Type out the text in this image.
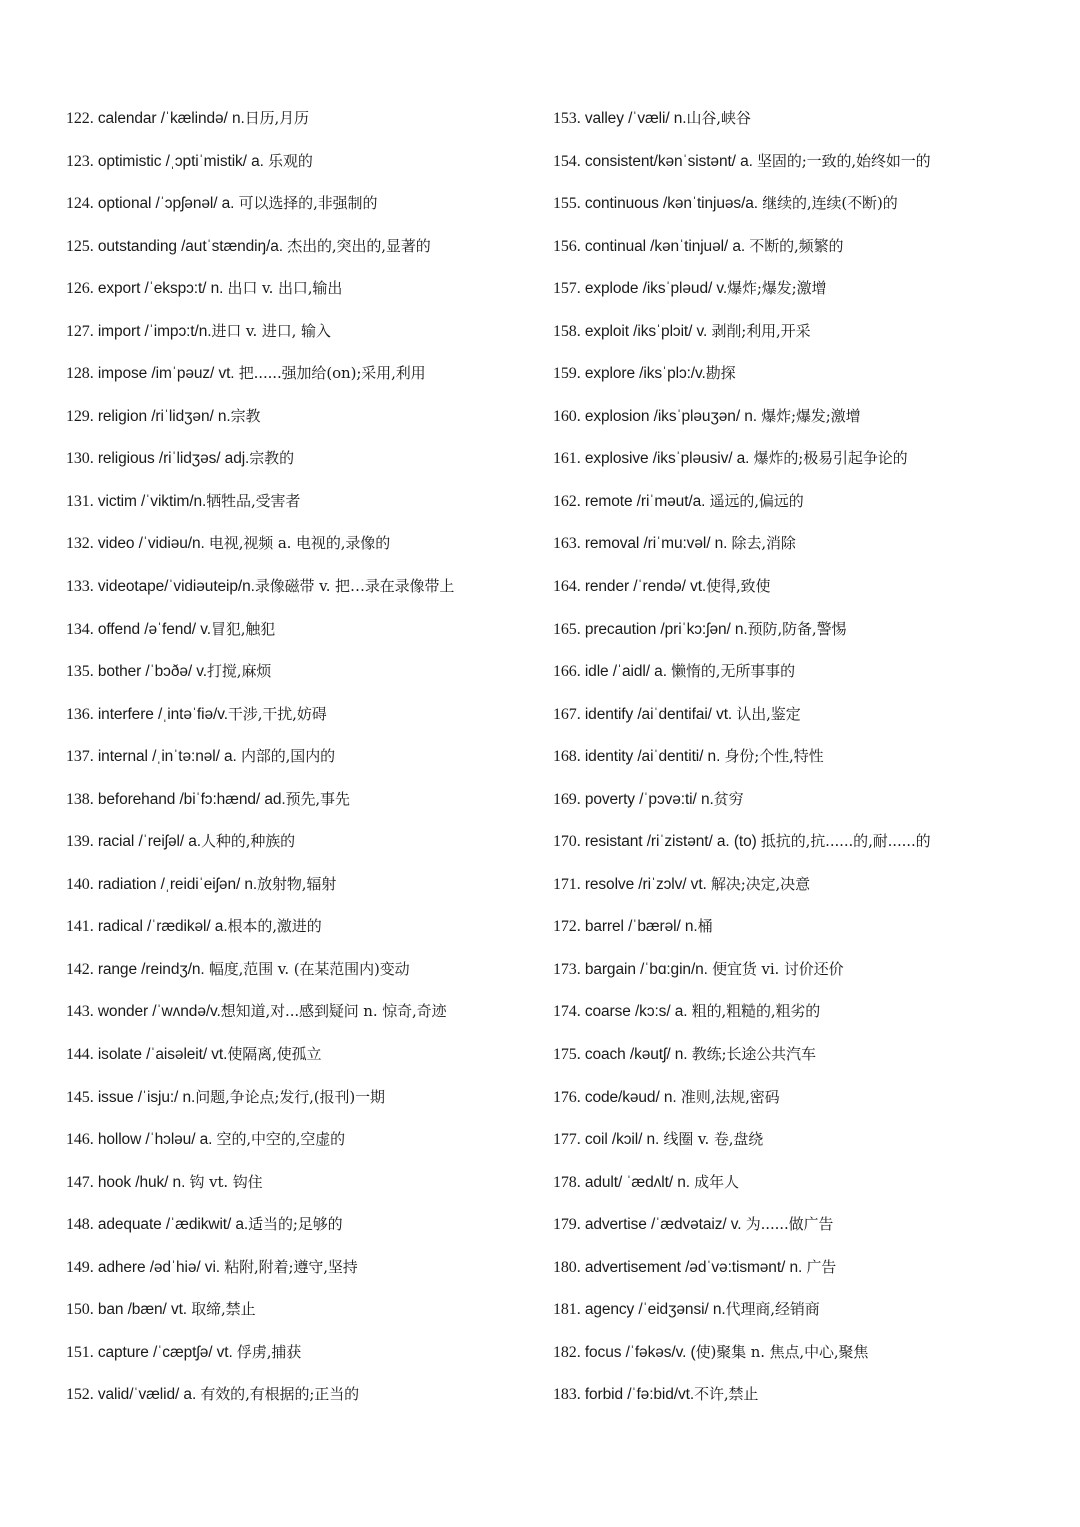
122. calendar /ˈkælində/ n.日历,月历
123. optimistic /ˌɔptiˈmistik/ a. 乐观的
124. optional /ˈɔpʃənəl/ a. 可以选择的,非强制的
125. outstanding /autˈstændiŋ/a. 杰出的,突出的,显著的
126. export /ˈekspɔ:t/ n. 出口 v. 出口,输出
127. import /ˈimpɔ:t/n.进口 v. 进口, 输入
128. impose /imˈpəuz/ vt. 把......强加给(on);采用,利用
129. religion /riˈlidʒən/ n.宗教
130. religious /riˈlidʒəs/ adj.宗教的
131. victim /ˈviktim/n.牺牲品,受害者
132. video /ˈvidiəu/n. 电视,视频 a. 电视的,录像的
133. videotape/ˈvidiəuteip/n.录像磁带 v. 把…录在录像带上
134. offend /əˈfend/ v.冒犯,触犯
135. bother /ˈbɔðə/ v.打搅,麻烦
136. interfere /ˌintəˈfiə/v.干涉,干扰,妨碍
137. internal /ˌinˈtə:nəl/ a. 内部的,国内的
138. beforehand /biˈfɔ:hænd/ ad.预先,事先
139. racial /ˈreiʃəl/ a.人种的,种族的
140. radiation /ˌreidiˈeiʃən/ n.放射物,辐射
141. radical /ˈrædikəl/ a.根本的,激进的
142. range /reindʒ/n. 幅度,范围 v. (在某范围内)变动
143. wonder /ˈwʌndə/v.想知道,对...感到疑问 n. 惊奇,奇迹
144. isolate /ˈaisəleit/ vt.使隔离,使孤立
145. issue /ˈisju:/ n.问题,争论点;发行,(报刊)一期
146. hollow /ˈhɔləu/ a. 空的,中空的,空虚的
147. hook /huk/ n. 钩 vt. 钩住
148. adequate /ˈædikwit/ a.适当的;足够的
149. adhere /ədˈhiə/ vi. 粘附,附着;遵守,坚持
150. ban /bæn/ vt. 取缔,禁止
151. capture /ˈcæptʃə/ vt. 俘虏,捕获
152. valid/ˈvælid/ a. 有效的,有根据的;正当的
153. valley /ˈvæli/ n.山谷,峡谷
154. consistent/kənˈsistənt/ a. 坚固的;一致的,始终如一的
155. continuous /kənˈtinjuəs/a. 继续的,连续(不断)的
156. continual /kənˈtinjuəl/ a. 不断的,频繁的
157. explode /iksˈpləud/ v.爆炸;爆发;激增
158. exploit /iksˈplɔit/ v. 剥削;利用,开采
159. explore /iksˈplɔ:/v.勘探
160. explosion /iksˈpləuʒən/ n. 爆炸;爆发;激增
161. explosive /iksˈpləusiv/ a. 爆炸的;极易引起争论的
162. remote /riˈməut/a. 遥远的,偏远的
163. removal /riˈmu:vəl/ n. 除去,消除
164. render /ˈrendə/ vt.使得,致使
165. precaution /priˈkɔ:ʃən/ n.预防,防备,警惕
166. idle /ˈaidl/ a. 懒惰的,无所事事的
167. identify /aiˈdentifai/ vt. 认出,鉴定
168. identity /aiˈdentiti/ n. 身份;个性,特性
169. poverty /ˈpɔvə:ti/ n.贫穷
170. resistant /riˈzistənt/ a. (to) 抵抗的,抗......的,耐......的
171. resolve /riˈzɔlv/ vt. 解决;决定,决意
172. barrel /ˈbærəl/ n.桶
173. bargain /ˈbɑ:gin/n. 便宜货 vi. 讨价还价
174. coarse /kɔ:s/ a. 粗的,粗糙的,粗劣的
175. coach /kəutʃ/ n. 教练;长途公共汽车
176. code/kəud/ n. 准则,法规,密码
177. coil /kɔil/ n. 线圈 v. 卷,盘绕
178. adult/ ˈædʌlt/ n. 成年人
179. advertise /ˈædvətaiz/ v. 为......做广告
180. advertisement /ədˈvə:tismənt/ n. 广告
181. agency /ˈeidʒənsi/ n.代理商,经销商
182. focus /ˈfəkəs/v. (使)聚集 n. 焦点,中心,聚焦
183. forbid /ˈfə:bid/vt.不许,禁止
